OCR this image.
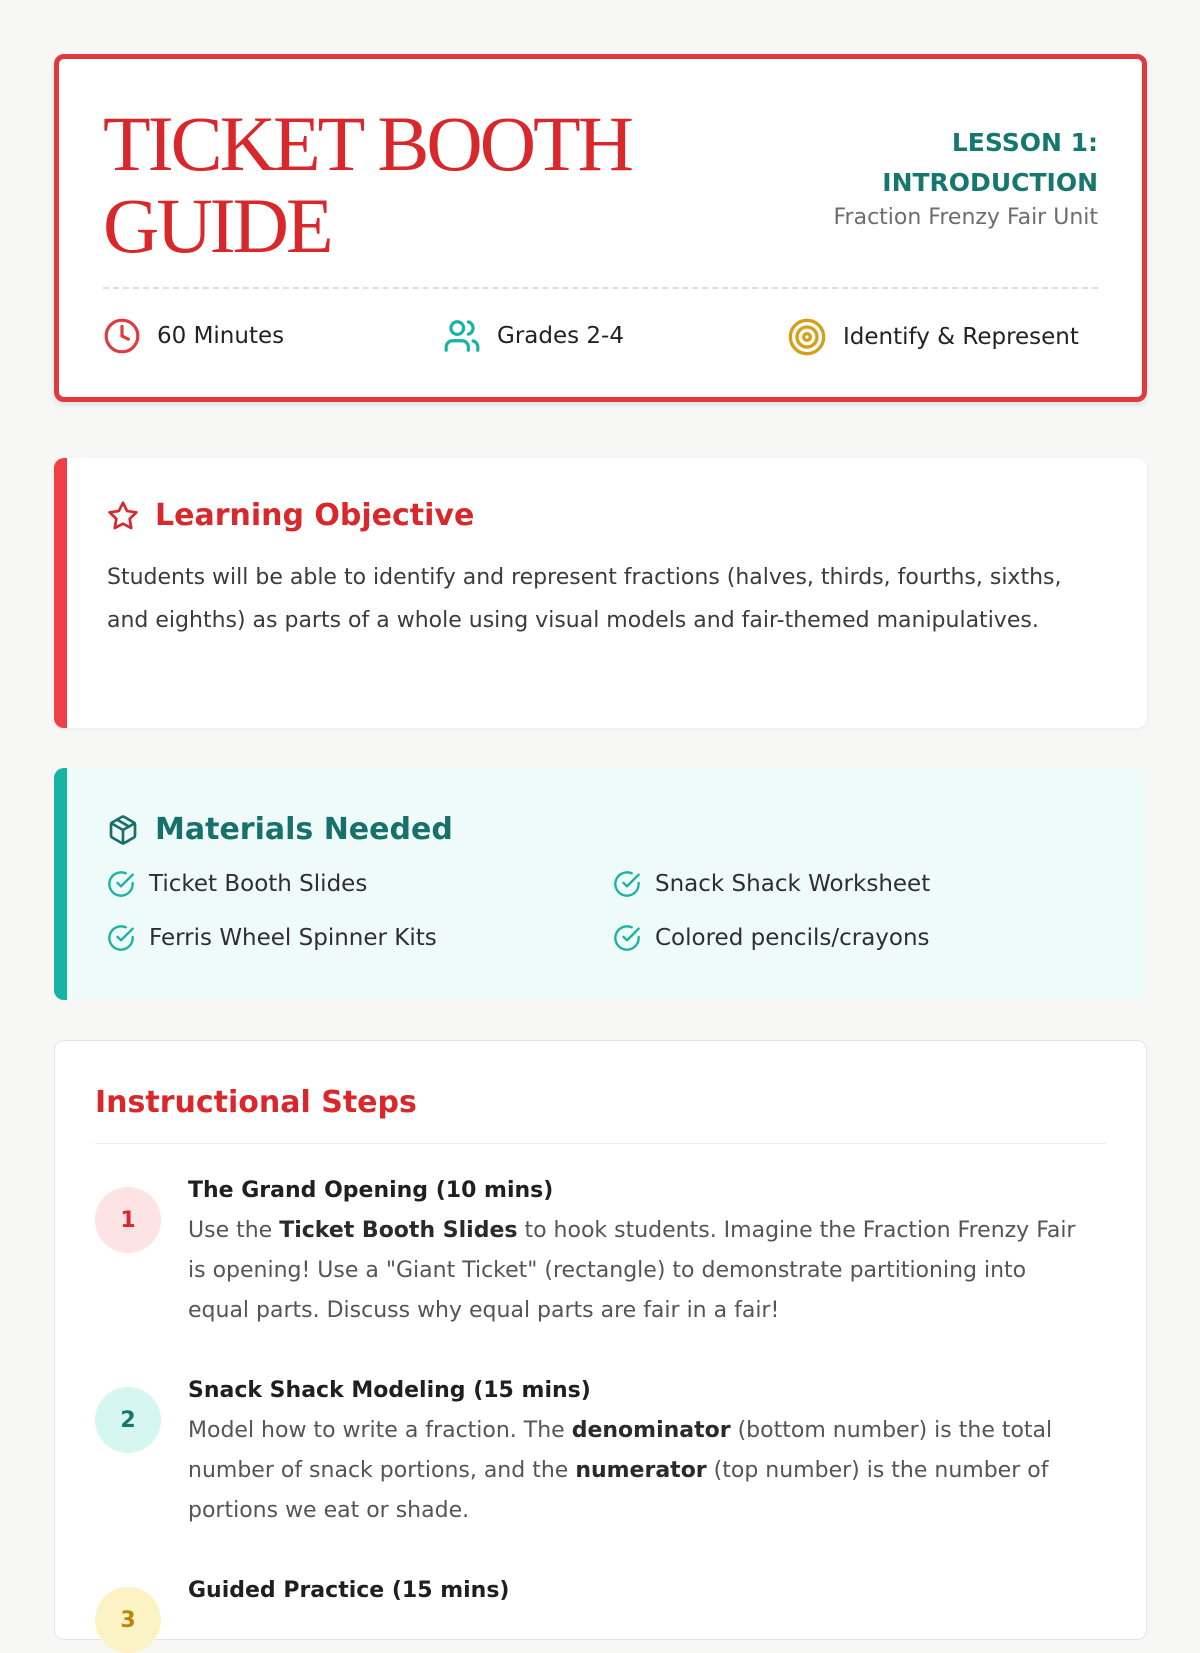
TICKET BOOTH GUIDE
LESSON 1: INTRODUCTION
Fraction Frenzy Fair Unit
60 Minutes	Grades 2-4	Identify & Represent
Learning Objective

Students will be able to identify and represent fractions (halves, thirds, fourths, sixths, and eighths) as parts of a whole using visual models and fair-themed manipulatives.

Materials Needed
Ticket Booth Slides	Snack Shack Worksheet
Ferris Wheel Spinner Kits	Colored pencils/crayons
Instructional Steps
1
The Grand Opening (10 mins)

Use the Ticket Booth Slides to hook students. Imagine the Fraction Frenzy Fair is opening! Use a "Giant Ticket" (rectangle) to demonstrate partitioning into equal parts. Discuss why equal parts are fair in a fair!

2
Snack Shack Modeling (15 mins)

Model how to write a fraction. The denominator (bottom number) is the total number of snack portions, and the numerator (top number) is the number of portions we eat or shade.

3
Guided Practice (15 mins)
